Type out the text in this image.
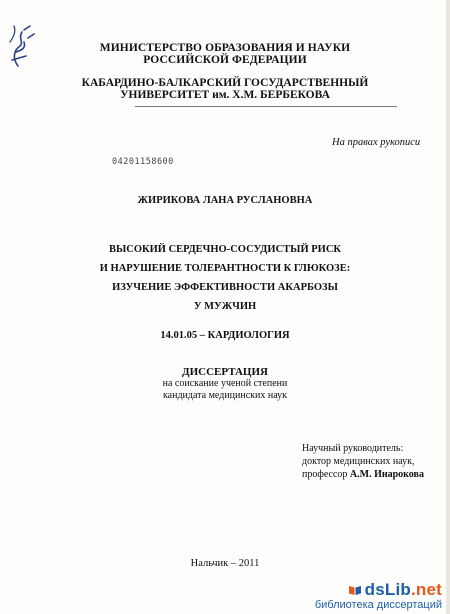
МИНИСТЕРСТВО ОБРАЗОВАНИЯ И НАУКИ
РОССИЙСКОЙ ФЕДЕРАЦИИ
КАБАРДИНО-БАЛКАРСКИЙ ГОСУДАРСТВЕННЫЙ
УНИВЕРСИТЕТ им. Х.М. БЕРБЕКОВА
На правах рукописи
04201158600
ЖИРИКОВА ЛАНА РУСЛАНОВНА
ВЫСОКИЙ СЕРДЕЧНО-СОСУДИСТЫЙ РИСК
И НАРУШЕНИЕ ТОЛЕРАНТНОСТИ К ГЛЮКОЗЕ:
ИЗУЧЕНИЕ ЭФФЕКТИВНОСТИ АКАРБОЗЫ
У МУЖЧИН
14.01.05 – КАРДИОЛОГИЯ
ДИССЕРТАЦИЯ
на соискание ученой степени
кандидата медицинских наук
Научный руководитель:
доктор медицинских наук,
профессор А.М. Инарокова
Нальчик – 2011
dsLib.net
библиотека диссертаций
